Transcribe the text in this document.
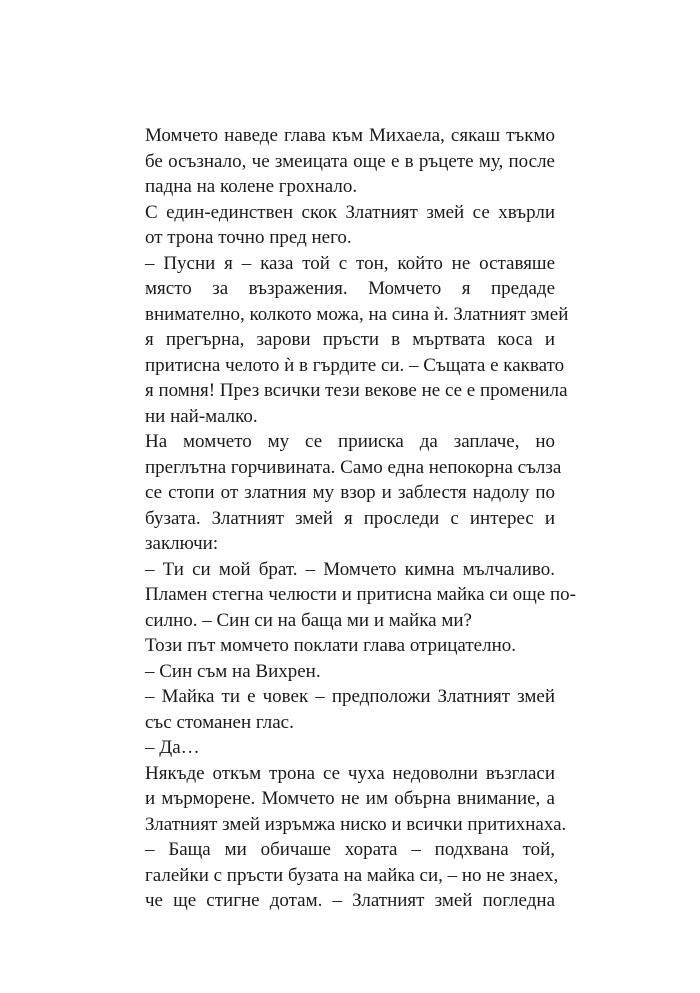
Момчето наведе глава към Михаела, сякаш тъкмо
бе осъзнало, че змеицата още е в ръцете му, после
падна на колене грохнало.
С един-единствен скок Златният змей се хвърли
от трона точно пред него.
– Пусни я – каза той с тон, който не оставяше
място за възражения. Момчето я предаде
внимателно, колкото можа, на сина ѝ. Златният змей
я прегърна, зарови пръсти в мъртвата коса и
притисна челото ѝ в гърдите си. – Същата е каквато
я помня! През всички тези векове не се е променила
ни най-малко.
На момчето му се прииска да заплаче, но
преглътна горчивината. Само една непокорна сълза
се стопи от златния му взор и заблестя надолу по
бузата. Златният змей я проследи с интерес и
заключи:
– Ти си мой брат. – Момчето кимна мълчаливо.
Пламен стегна челюсти и притисна майка си още по-
силно. – Син си на баща ми и майка ми?
Този път момчето поклати глава отрицателно.
– Син съм на Вихрен.
– Майка ти е човек – предположи Златният змей
със стоманен глас.
– Да…
Някъде откъм трона се чуха недоволни възгласи
и мърморене. Момчето не им обърна внимание, а
Златният змей изръмжа ниско и всички притихнаха.
– Баща ми обичаше хората – подхвана той,
галейки с пръсти бузата на майка си, – но не знаех,
че ще стигне дотам. – Златният змей погледна
